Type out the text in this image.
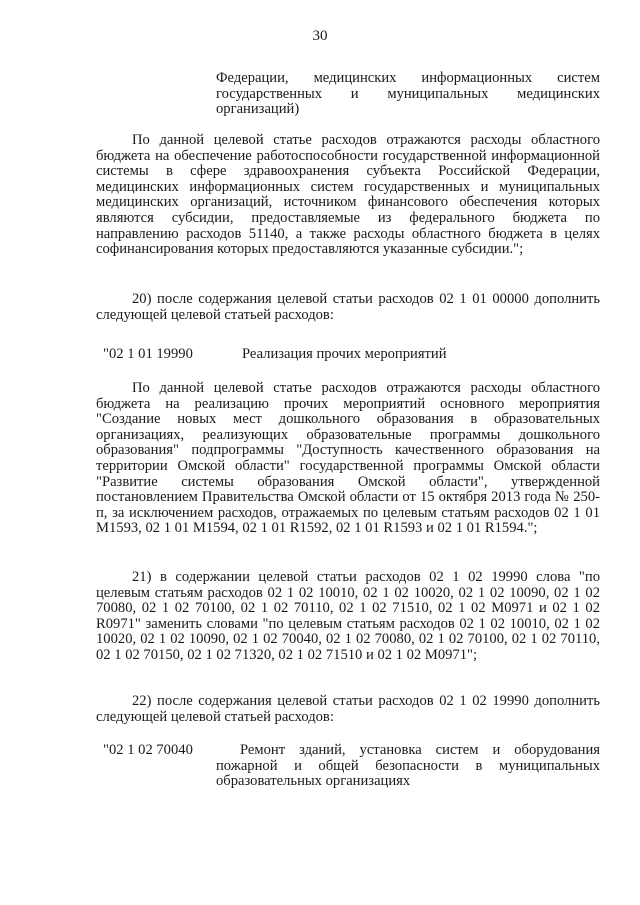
30
Федерации, медицинских информационных систем государственных и муниципальных медицинских организаций)
По данной целевой статье расходов отражаются расходы областного бюджета на обеспечение работоспособности государственной информационной системы в сфере здравоохранения субъекта Российской Федерации, медицинских информационных систем государственных и муниципальных медицинских организаций, источником финансового обеспечения которых являются субсидии, предоставляемые из федерального бюджета по направлению расходов 51140, а также расходы областного бюджета в целях софинансирования которых предоставляются указанные субсидии.";
20) после содержания целевой статьи расходов 02 1 01 00000 дополнить следующей целевой статьей расходов:
"02 1 01 19990	Реализация прочих мероприятий
По данной целевой статье расходов отражаются расходы областного бюджета на реализацию прочих мероприятий основного мероприятия "Создание новых мест дошкольного образования в образовательных организациях, реализующих образовательные программы дошкольного образования" подпрограммы "Доступность качественного образования на территории Омской области" государственной программы Омской области "Развитие системы образования Омской области", утвержденной постановлением Правительства Омской области от 15 октября 2013 года № 250-п, за исключением расходов, отражаемых по целевым статьям расходов 02 1 01 M1593, 02 1 01 M1594, 02 1 01 R1592, 02 1 01 R1593 и 02 1 01 R1594.";
21) в содержании целевой статьи расходов 02 1 02 19990 слова "по целевым статьям расходов 02 1 02 10010, 02 1 02 10020, 02 1 02 10090, 02 1 02 70080, 02 1 02 70100, 02 1 02 70110, 02 1 02 71510, 02 1 02 M0971 и 02 1 02 R0971" заменить словами "по целевым статьям расходов 02 1 02 10010, 02 1 02 10020, 02 1 02 10090, 02 1 02 70040, 02 1 02 70080, 02 1 02 70100, 02 1 02 70110, 02 1 02 70150, 02 1 02 71320, 02 1 02 71510 и 02 1 02 M0971";
22) после содержания целевой статьи расходов 02 1 02 19990 дополнить следующей целевой статьей расходов:
"02 1 02 70040	Ремонт зданий, установка систем и оборудования пожарной и общей безопасности в муниципальных образовательных организациях
